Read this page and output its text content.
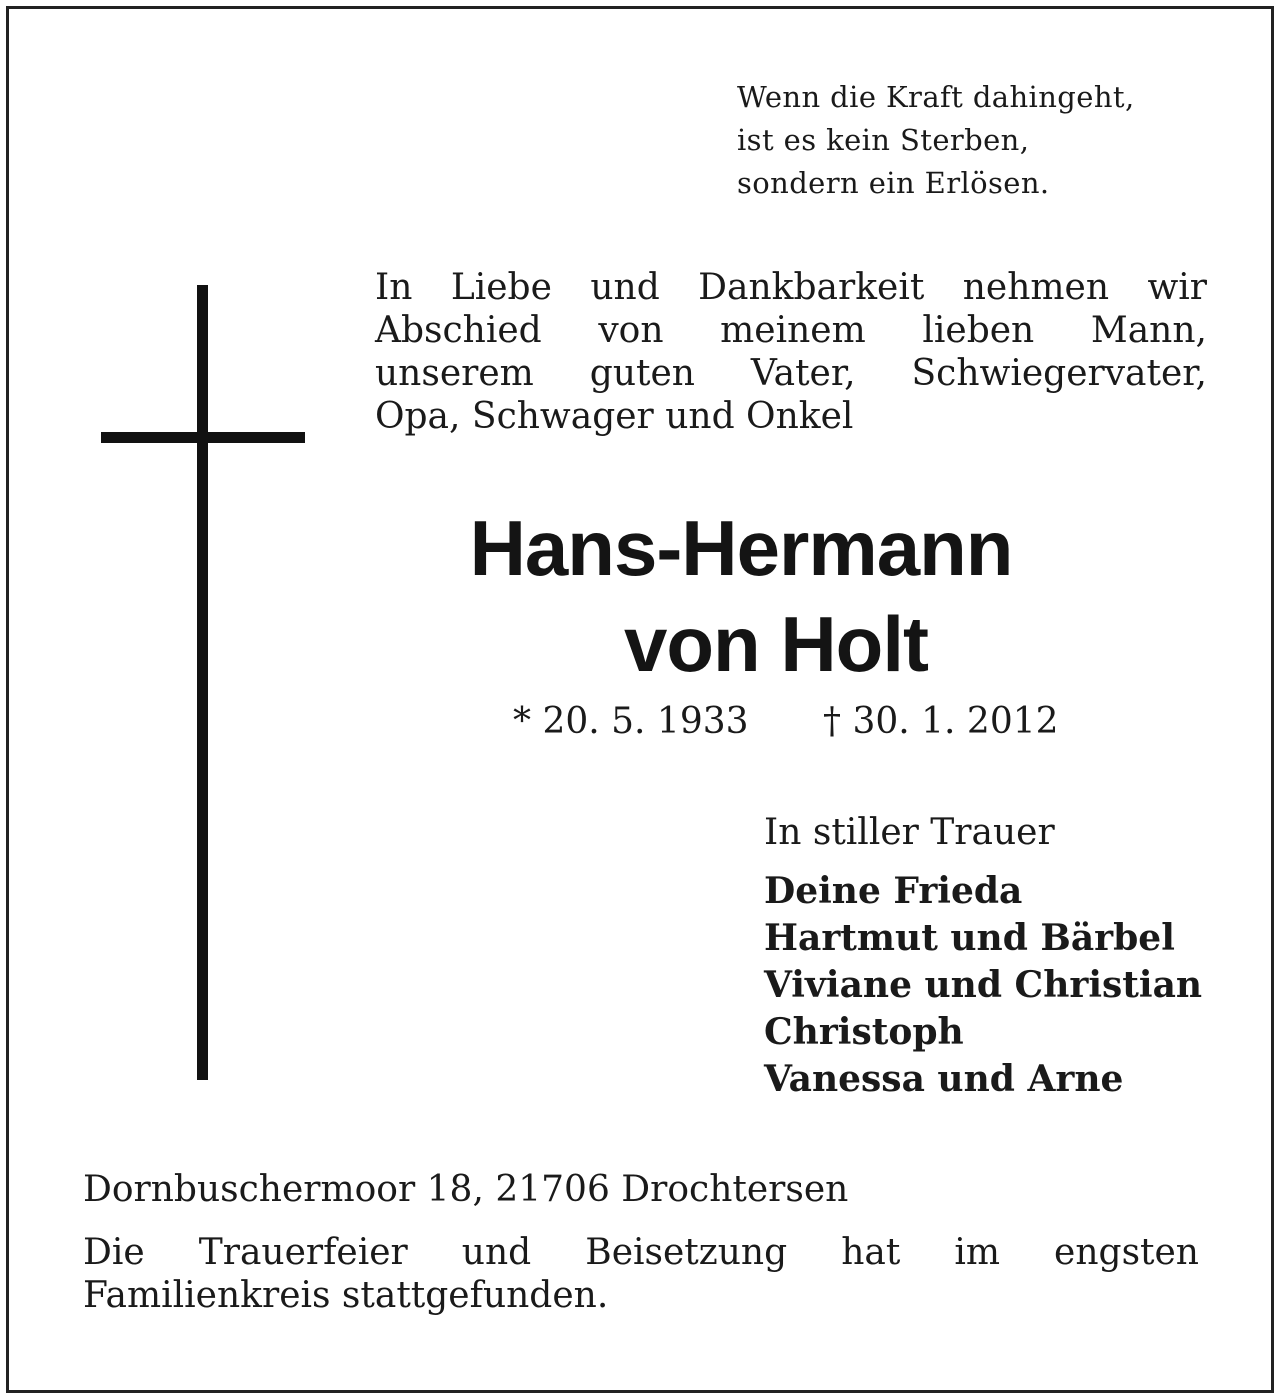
Wenn die Kraft dahingeht,
ist es kein Sterben,
sondern ein Erlösen.
In Liebe und Dankbarkeit nehmen wir
Abschied von meinem lieben Mann,
unserem guten Vater, Schwiegervater,
Opa, Schwager und Onkel
Hans-Hermann
von Holt
* 20. 5. 1933 † 30. 1. 2012
In stiller Trauer
Deine Frieda
Hartmut und Bärbel
Viviane und Christian
Christoph
Vanessa und Arne
Dornbuschermoor 18, 21706 Drochtersen
Die Trauerfeier und Beisetzung hat im engsten
Familienkreis stattgefunden.
